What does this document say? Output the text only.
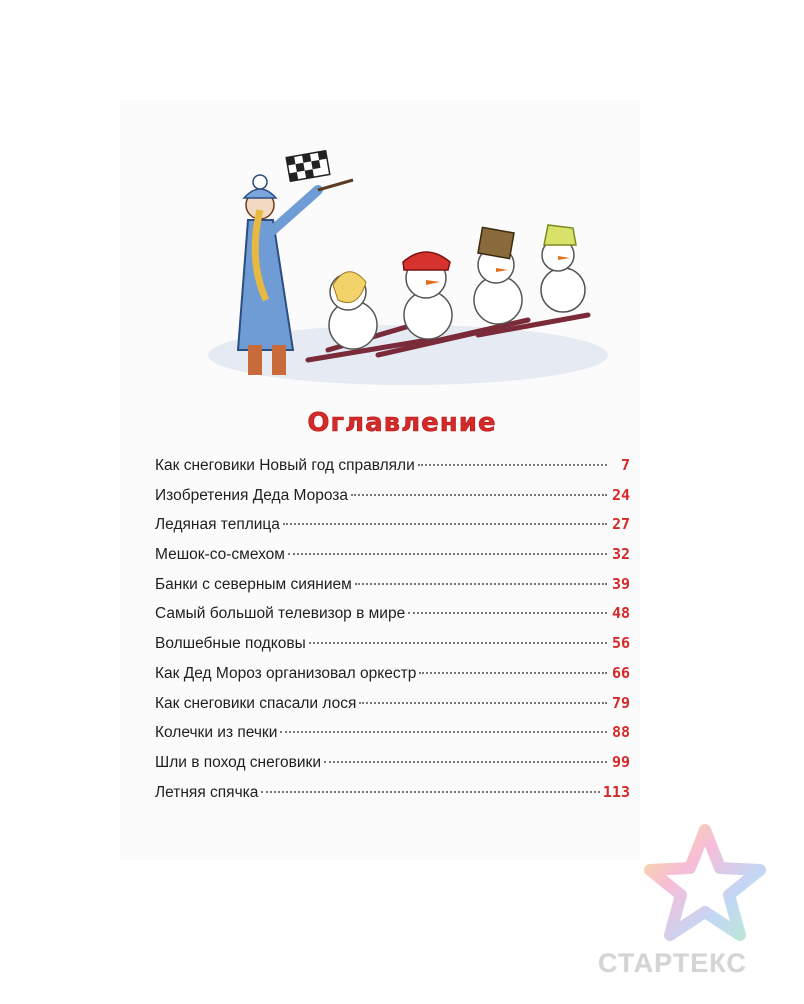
Оглавление
Как снеговики Новый год справляли	7
Изобретения Деда Мороза	24
Ледяная теплица	27
Мешок-со-смехом	32
Банки с северным сиянием	39
Самый большой телевизор в мире	48
Волшебные подковы	56
Как Дед Мороз организовал оркестр	66
Как снеговики спасали лося	79
Колечки из печки	88
Шли в поход снеговики	99
Летняя спячка	113
СТАРТЕКС
